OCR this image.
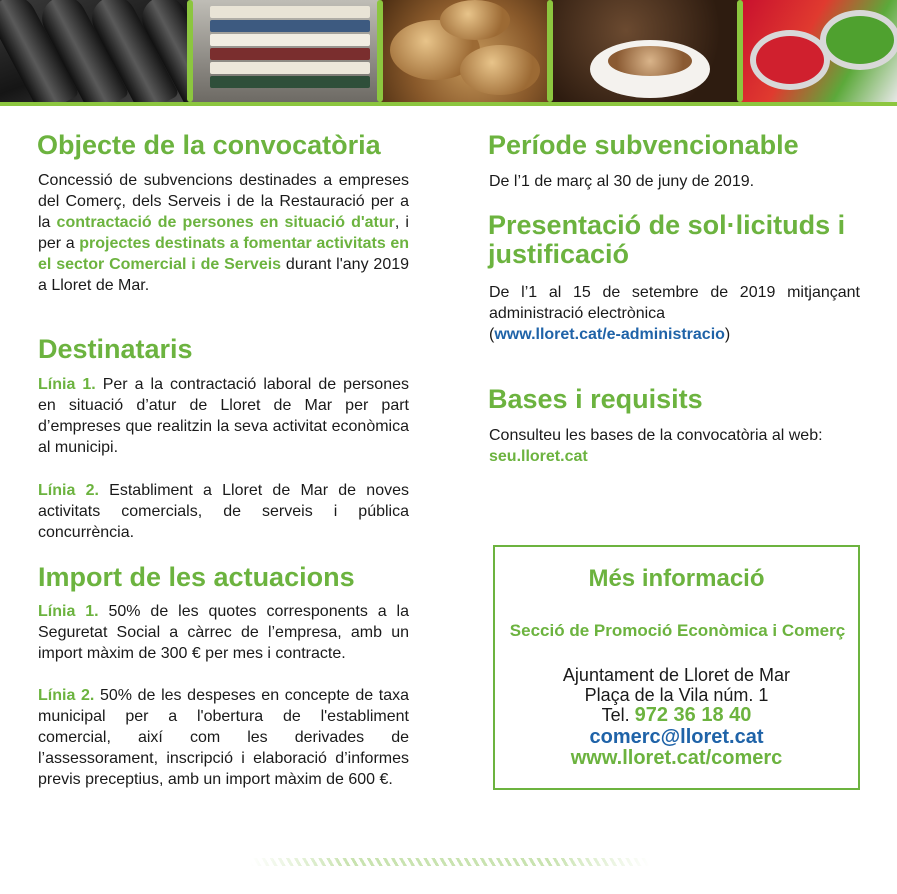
Objecte de la convocatòria

Concessió de subvencions destinades a empreses del Comerç, dels Serveis i de la Restauració per a la contractació de persones en situació d'atur, i per a projectes destinats a fomentar activitats en el sector Comercial i de Serveis durant l'any 2019 a Lloret de Mar.

Destinataris

Línia 1. Per a la contractació laboral de persones en situació d’atur de Lloret de Mar per part d’empreses que realitzin la seva activitat econòmica al municipi.

Línia 2. Establiment a Lloret de Mar de noves activitats comercials, de serveis i pública concurrència.

Import de les actuacions

Línia 1. 50% de les quotes corresponents a la Seguretat Social a càrrec de l’empresa, amb un import màxim de 300 € per mes i contracte.

Línia 2. 50% de les despeses en concepte de taxa municipal per a l'obertura de l'establiment comercial, així com les derivades de l’assessorament, inscripció i elaboració d’informes previs preceptius, amb un import màxim de 600 €.

Període subvencionable

De l’1 de març al 30 de juny de 2019.

Presentació de sol·licituds i
justificació

De l’1 al 15 de setembre de 2019 mitjançant administració electrònica
(www.lloret.cat/e-administracio)

Bases i requisits

Consulteu les bases de la convocatòria al web:
seu.lloret.cat

Més informació
Secció de Promoció Econòmica i Comerç
Ajuntament de Lloret de Mar
Plaça de la Vila núm. 1
Tel. 972 36 18 40
comerc@lloret.cat
www.lloret.cat/comerc
